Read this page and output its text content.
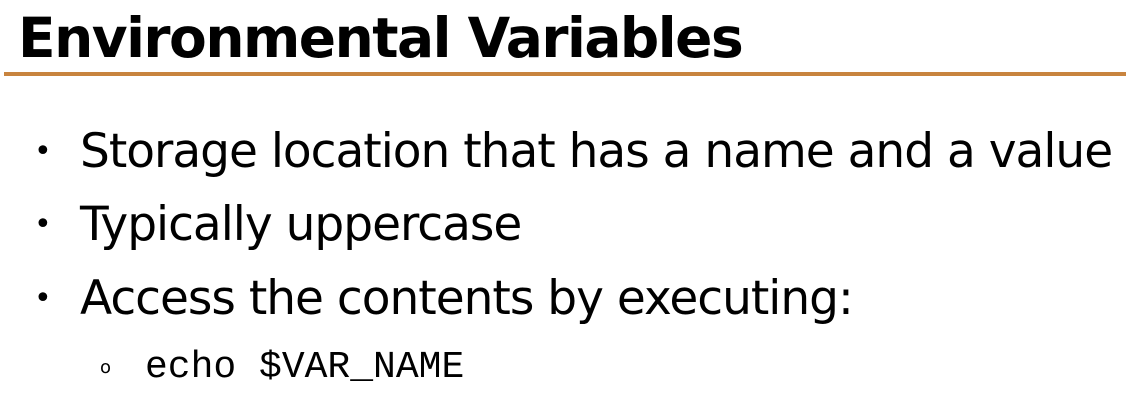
Environmental Variables
• Storage location that has a name and a value
• Typically uppercase
• Access the contents by executing:
o echo $VAR_NAME
